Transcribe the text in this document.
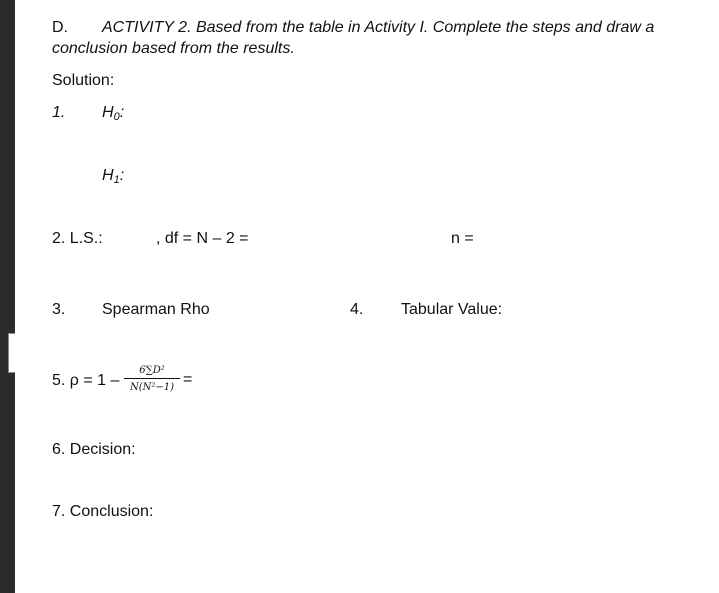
D. ACTIVITY 2. Based from the table in Activity I. Complete the steps and draw a
conclusion based from the results.
Solution:
1. H0:
H1:
2. L.S.:	, df = N – 2 =	n =
3. Spearman Rho	4. Tabular Value:
5. ρ = 1 –
6∑D²
N(N²−1) =
6. Decision:
7. Conclusion:
